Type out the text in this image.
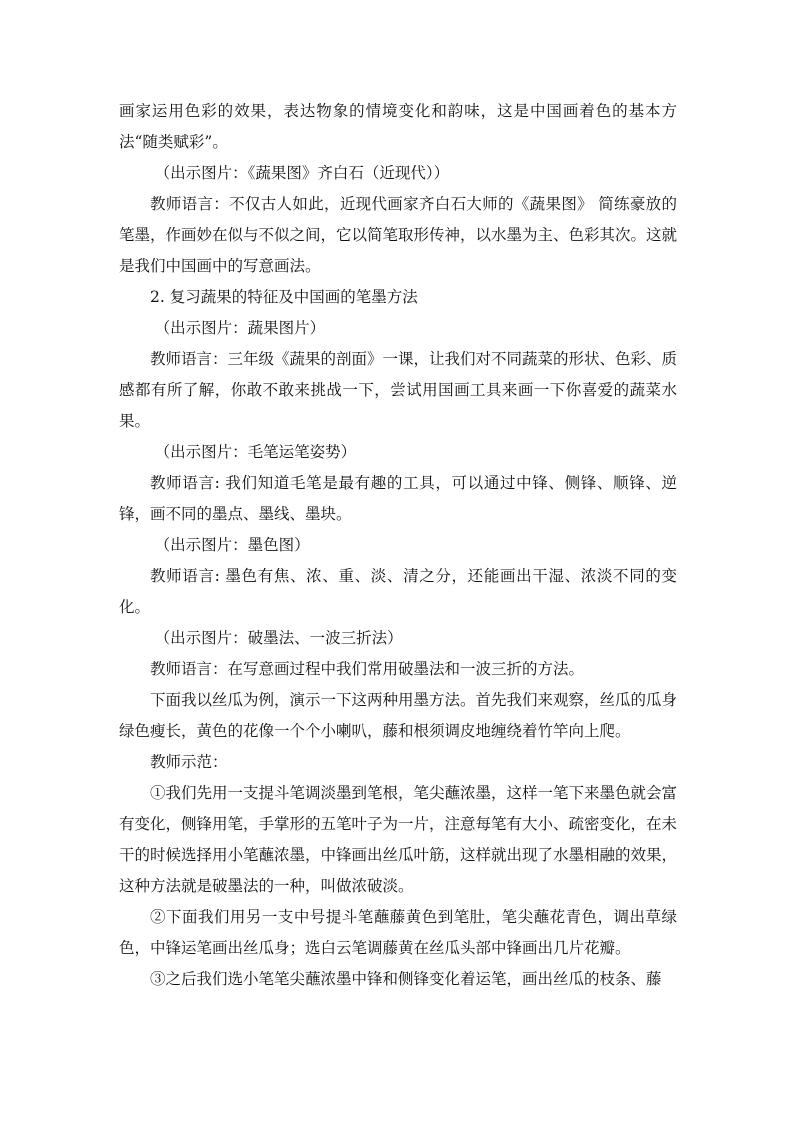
画家运用色彩的效果，表达物象的情境变化和韵味，这是中国画着色的基本方法“随类赋彩”。

（出示图片：《蔬果图》齐白石（近现代））

教师语言：不仅古人如此，近现代画家齐白石大师的《蔬果图》 简练豪放的笔墨，作画妙在似与不似之间，它以简笔取形传神，以水墨为主、色彩其次。这就是我们中国画中的写意画法。

2. 复习蔬果的特征及中国画的笔墨方法

（出示图片：蔬果图片）

教师语言：三年级《蔬果的剖面》一课，让我们对不同蔬菜的形状、色彩、质感都有所了解，你敢不敢来挑战一下，尝试用国画工具来画一下你喜爱的蔬菜水果。

（出示图片：毛笔运笔姿势）

教师语言: 我们知道毛笔是最有趣的工具，可以通过中锋、侧锋、顺锋、逆锋，画不同的墨点、墨线、墨块。

（出示图片：墨色图）

教师语言: 墨色有焦、浓、重、淡、清之分，还能画出干湿、浓淡不同的变化。

（出示图片：破墨法、一波三折法）

教师语言：在写意画过程中我们常用破墨法和一波三折的方法。

下面我以丝瓜为例，演示一下这两种用墨方法。首先我们来观察，丝瓜的瓜身绿色瘦长，黄色的花像一个个小喇叭，藤和根须调皮地缠绕着竹竿向上爬。

教师示范：

①我们先用一支提斗笔调淡墨到笔根，笔尖蘸浓墨，这样一笔下来墨色就会富有变化，侧锋用笔，手掌形的五笔叶子为一片，注意每笔有大小、疏密变化，在未干的时候选择用小笔蘸浓墨，中锋画出丝瓜叶筋，这样就出现了水墨相融的效果，这种方法就是破墨法的一种，叫做浓破淡。

②下面我们用另一支中号提斗笔蘸藤黄色到笔肚，笔尖蘸花青色，调出草绿色，中锋运笔画出丝瓜身；选白云笔调藤黄在丝瓜头部中锋画出几片花瓣。

③之后我们选小笔笔尖蘸浓墨中锋和侧锋变化着运笔，画出丝瓜的枝条、藤
